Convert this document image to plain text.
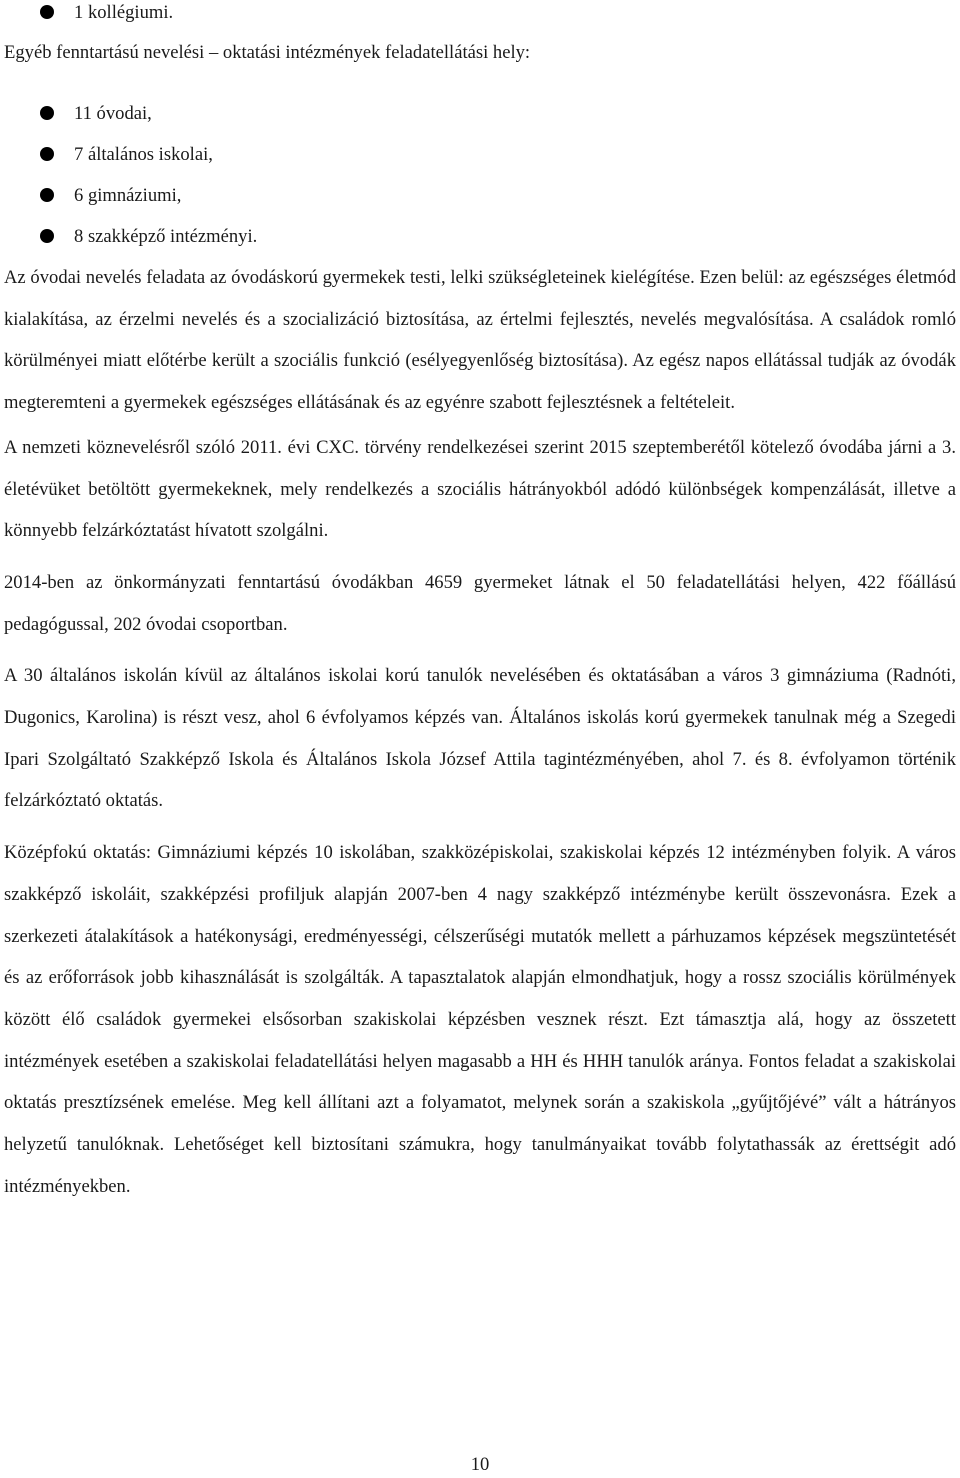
1 kollégiumi.

Egyéb fenntartású nevelési – oktatási intézmények feladatellátási hely:

11 óvodai,
7 általános iskolai,
6 gimnáziumi,
8 szakképző intézményi.

Az óvodai nevelés feladata az óvodáskorú gyermekek testi, lelki szükségleteinek kielégítése. Ezen belül: az egészséges életmód kialakítása, az érzelmi nevelés és a szocializáció biztosítása, az értelmi fejlesztés, nevelés megvalósítása. A családok romló körülményei miatt előtérbe került a szociális funkció (esélyegyenlőség biztosítása). Az egész napos ellátással tudják az óvodák megteremteni a gyermekek egészséges ellátásának és az egyénre szabott fejlesztésnek a feltételeit.

A nemzeti köznevelésről szóló 2011. évi CXC. törvény rendelkezései szerint 2015 szeptemberétől kötelező óvodába járni a 3. életévüket betöltött gyermekeknek, mely rendelkezés a szociális hátrányokból adódó különbségek kompenzálását, illetve a könnyebb felzárkóztatást hívatott szolgálni.

2014-ben az önkormányzati fenntartású óvodákban 4659 gyermeket látnak el 50 feladatellátási helyen, 422 főállású pedagógussal, 202 óvodai csoportban.

A 30 általános iskolán kívül az általános iskolai korú tanulók nevelésében és oktatásában a város 3 gimnáziuma (Radnóti, Dugonics, Karolina) is részt vesz, ahol 6 évfolyamos képzés van. Általános iskolás korú gyermekek tanulnak még a Szegedi Ipari Szolgáltató Szakképző Iskola és Általános Iskola József Attila tagintézményében, ahol 7. és 8. évfolyamon történik felzárkóztató oktatás.

Középfokú oktatás: Gimnáziumi képzés 10 iskolában, szakközépiskolai, szakiskolai képzés 12 intézményben folyik. A város szakképző iskoláit, szakképzési profiljuk alapján 2007-ben 4 nagy szakképző intézménybe került összevonásra. Ezek a szerkezeti átalakítások a hatékonysági, eredményességi, célszerűségi mutatók mellett a párhuzamos képzések megszüntetését és az erőforrások jobb kihasználását is szolgálták. A tapasztalatok alapján elmondhatjuk, hogy a rossz szociális körülmények között élő családok gyermekei elsősorban szakiskolai képzésben vesznek részt. Ezt támasztja alá, hogy az összetett intézmények esetében a szakiskolai feladatellátási helyen magasabb a HH és HHH tanulók aránya. Fontos feladat a szakiskolai oktatás presztízsének emelése. Meg kell állítani azt a folyamatot, melynek során a szakiskola „gyűjtőjévé” vált a hátrányos helyzetű tanulóknak. Lehetőséget kell biztosítani számukra, hogy tanulmányaikat tovább folytathassák az érettségit adó intézményekben.

10
